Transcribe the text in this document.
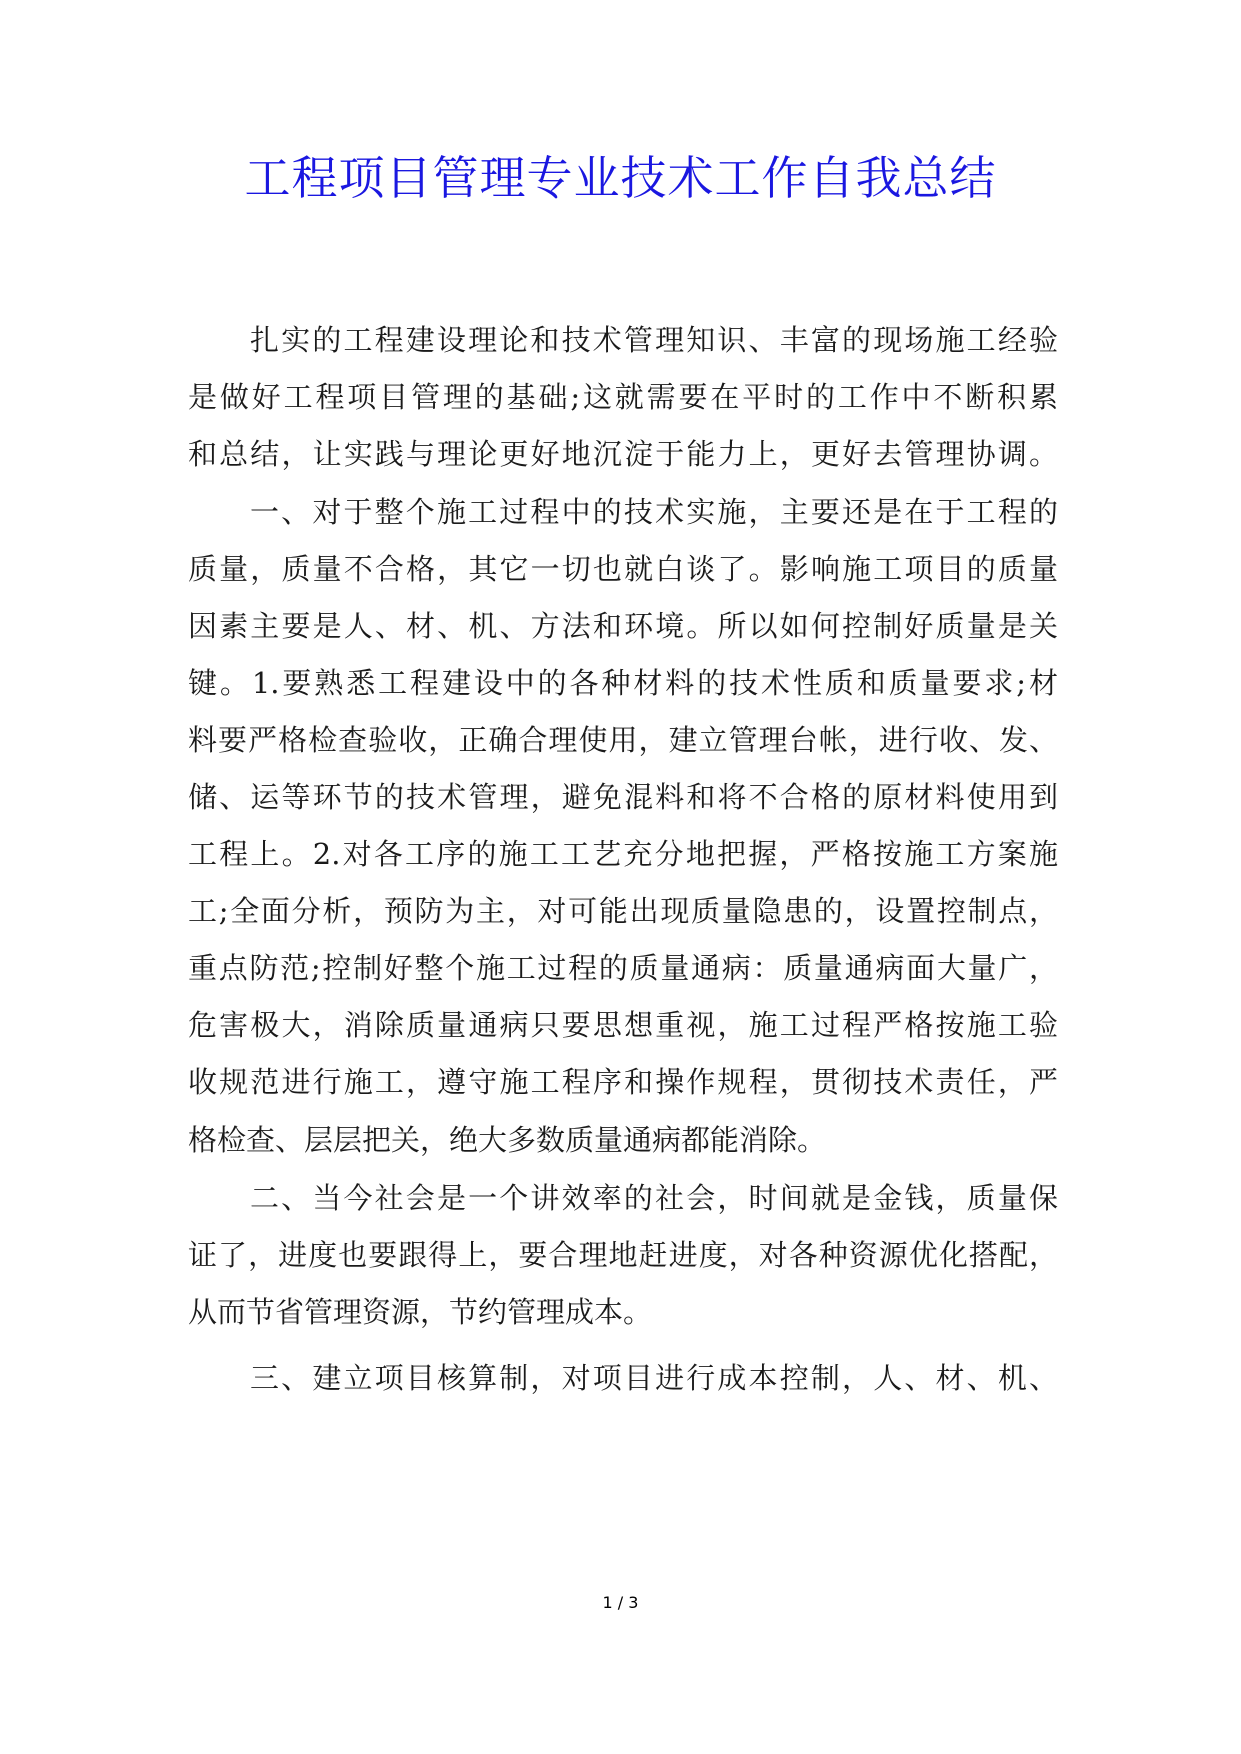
工程项目管理专业技术工作自我总结

扎实的工程建设理论和技术管理知识、丰富的现场施工经验

是做好工程项目管理的基础;这就需要在平时的工作中不断积累

和总结，让实践与理论更好地沉淀于能力上，更好去管理协调。

一、对于整个施工过程中的技术实施，主要还是在于工程的

质量，质量不合格，其它一切也就白谈了。影响施工项目的质量

因素主要是人、材、机、方法和环境。所以如何控制好质量是关

键。1.要熟悉工程建设中的各种材料的技术性质和质量要求;材

料要严格检查验收，正确合理使用，建立管理台帐，进行收、发、

储、运等环节的技术管理，避免混料和将不合格的原材料使用到

工程上。2.对各工序的施工工艺充分地把握，严格按施工方案施

工;全面分析，预防为主，对可能出现质量隐患的，设置控制点，

重点防范;控制好整个施工过程的质量通病：质量通病面大量广，

危害极大，消除质量通病只要思想重视，施工过程严格按施工验

收规范进行施工，遵守施工程序和操作规程，贯彻技术责任，严

格检查、层层把关，绝大多数质量通病都能消除。

二、当今社会是一个讲效率的社会，时间就是金钱，质量保

证了，进度也要跟得上，要合理地赶进度，对各种资源优化搭配，

从而节省管理资源，节约管理成本。

三、建立项目核算制，对项目进行成本控制，人、材、机、

1 / 3
